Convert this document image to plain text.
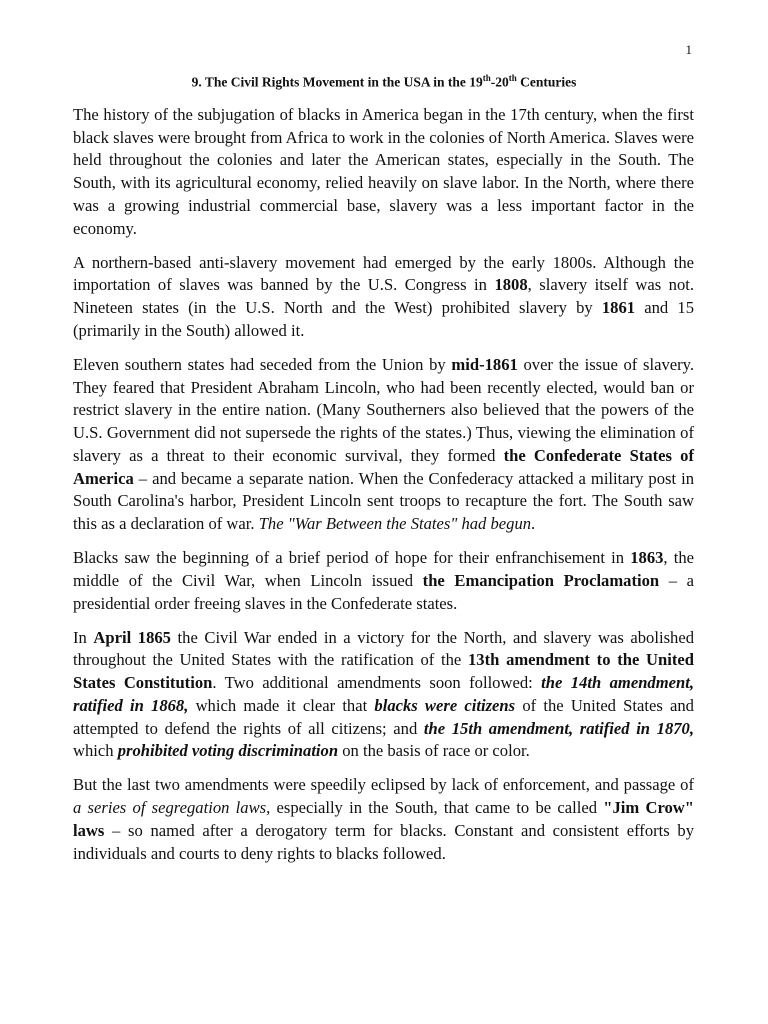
1
9. The Civil Rights Movement in the USA in the 19th-20th Centuries

The history of the subjugation of blacks in America began in the 17th century, when the first black slaves were brought from Africa to work in the colonies of North America. Slaves were held throughout the colonies and later the American states, especially in the South. The South, with its agricultural economy, relied heavily on slave labor. In the North, where there was a growing industrial commercial base, slavery was a less important factor in the economy.

A northern-based anti-slavery movement had emerged by the early 1800s. Although the importation of slaves was banned by the U.S. Congress in 1808, slavery itself was not. Nineteen states (in the U.S. North and the West) prohibited slavery by 1861 and 15 (primarily in the South) allowed it.

Eleven southern states had seceded from the Union by mid-1861 over the issue of slavery. They feared that President Abraham Lincoln, who had been recently elected, would ban or restrict slavery in the entire nation. (Many Southerners also believed that the powers of the U.S. Government did not supersede the rights of the states.) Thus, viewing the elimination of slavery as a threat to their economic survival, they formed the Confederate States of America – and became a separate nation. When the Confederacy attacked a military post in South Carolina's harbor, President Lincoln sent troops to recapture the fort. The South saw this as a declaration of war. The "War Between the States" had begun.

Blacks saw the beginning of a brief period of hope for their enfranchisement in 1863, the middle of the Civil War, when Lincoln issued the Emancipation Proclamation – a presidential order freeing slaves in the Confederate states.

In April 1865 the Civil War ended in a victory for the North, and slavery was abolished throughout the United States with the ratification of the 13th amendment to the United States Constitution. Two additional amendments soon followed: the 14th amendment, ratified in 1868, which made it clear that blacks were citizens of the United States and attempted to defend the rights of all citizens; and the 15th amendment, ratified in 1870, which prohibited voting discrimination on the basis of race or color.

But the last two amendments were speedily eclipsed by lack of enforcement, and passage of a series of segregation laws, especially in the South, that came to be called "Jim Crow" laws – so named after a derogatory term for blacks. Constant and consistent efforts by individuals and courts to deny rights to blacks followed.
